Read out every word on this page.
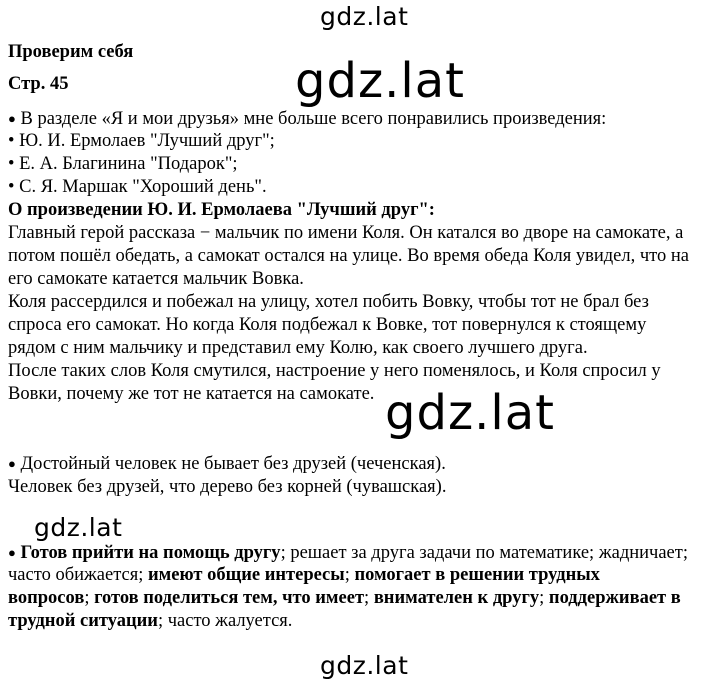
gdz.lat
gdz.lat
gdz.lat
gdz.lat
gdz.lat
Проверим себя
Стр. 45
● В разделе «Я и мои друзья» мне больше всего понравились произведения:
• Ю. И. Ермолаев "Лучший друг";
• Е. А. Благинина "Подарок";
• С. Я. Маршак "Хороший день".
О произведении Ю. И. Ермолаева "Лучший друг":
Главный герой рассказа − мальчик по имени Коля. Он катался во дворе на самокате, а
потом пошёл обедать, а самокат остался на улице. Во время обеда Коля увидел, что на
его самокате катается мальчик Вовка.
Коля рассердился и побежал на улицу, хотел побить Вовку, чтобы тот не брал без
спроса его самокат. Но когда Коля подбежал к Вовке, тот повернулся к стоящему
рядом с ним мальчику и представил ему Колю, как своего лучшего друга.
После таких слов Коля смутился, настроение у него поменялось, и Коля спросил у
Вовки, почему же тот не катается на самокате.
● Достойный человек не бывает без друзей (чеченская).
Человек без друзей, что дерево без корней (чувашская).
● Готов прийти на помощь другу; решает за друга задачи по математике; жадничает;
часто обижается; имеют общие интересы; помогает в решении трудных
вопросов; готов поделиться тем, что имеет; внимателен к другу; поддерживает в
трудной ситуации; часто жалуется.
